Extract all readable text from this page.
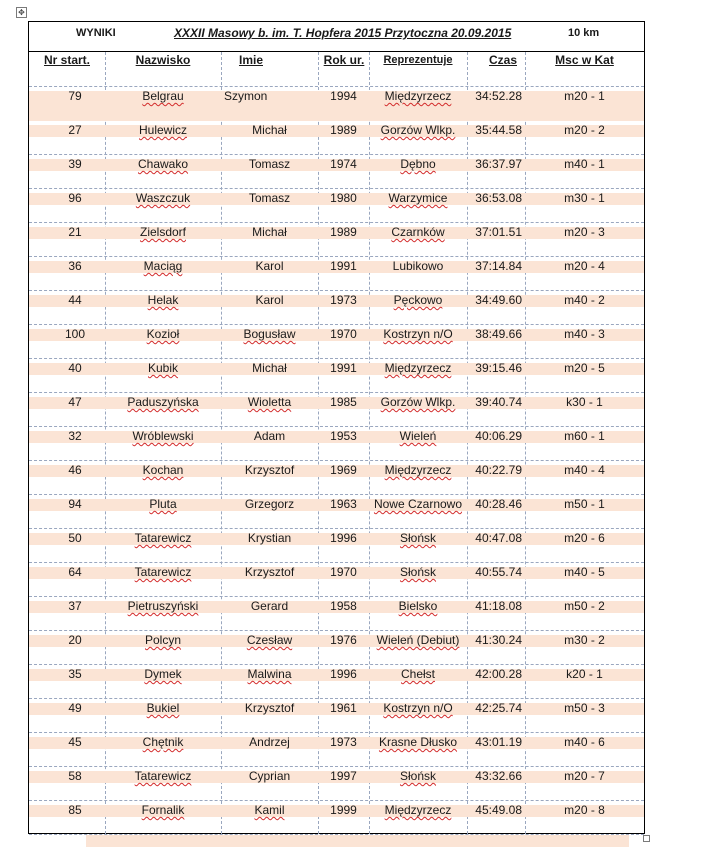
✥
WYNIKI	XXXII Masowy b. im. T. Hopfera 2015 Przytoczna 20.09.2015	10 km
Nr start.	Nazwisko	Imie	Rok ur.	Reprezentuje	Czas	Msc w Kat
79	Belgrau	Szymon	1994	Międzyrzecz	34:52.28	m20 - 1
27	Hulewicz	Michał	1989	Gorzów Wlkp.	35:44.58	m20 - 2
39	Chawako	Tomasz	1974	Dębno	36:37.97	m40 - 1
96	Waszczuk	Tomasz	1980	Warzymice	36:53.08	m30 - 1
21	Zielsdorf	Michał	1989	Czarnków	37:01.51	m20 - 3
36	Maciąg	Karol	1991	Lubikowo	37:14.84	m20 - 4
44	Helak	Karol	1973	Pęckowo	34:49.60	m40 - 2
100	Kozioł	Bogusław	1970	Kostrzyn n/O	38:49.66	m40 - 3
40	Kubik	Michał	1991	Międzyrzecz	39:15.46	m20 - 5
47	Paduszyńska	Wioletta	1985	Gorzów Wlkp.	39:40.74	k30 - 1
32	Wróblewski	Adam	1953	Wieleń	40:06.29	m60 - 1
46	Kochan	Krzysztof	1969	Międzyrzecz	40:22.79	m40 - 4
94	Pluta	Grzegorz	1963	Nowe Czarnowo	40:28.46	m50 - 1
50	Tatarewicz	Krystian	1996	Słońsk	40:47.08	m20 - 6
64	Tatarewicz	Krzysztof	1970	Słońsk	40:55.74	m40 - 5
37	Pietruszyński	Gerard	1958	Bielsko	41:18.08	m50 - 2
20	Polcyn	Czesław	1976	Wieleń (Debiut)	41:30.24	m30 - 2
35	Dymek	Malwina	1996	Chełst	42:00.28	k20 - 1
49	Bukiel	Krzysztof	1961	Kostrzyn n/O	42:25.74	m50 - 3
45	Chętnik	Andrzej	1973	Krasne Dłusko	43:01.19	m40 - 6
58	Tatarewicz	Cyprian	1997	Słońsk	43:32.66	m20 - 7
85	Fornalik	Kamil	1999	Międzyrzecz	45:49.08	m20 - 8
